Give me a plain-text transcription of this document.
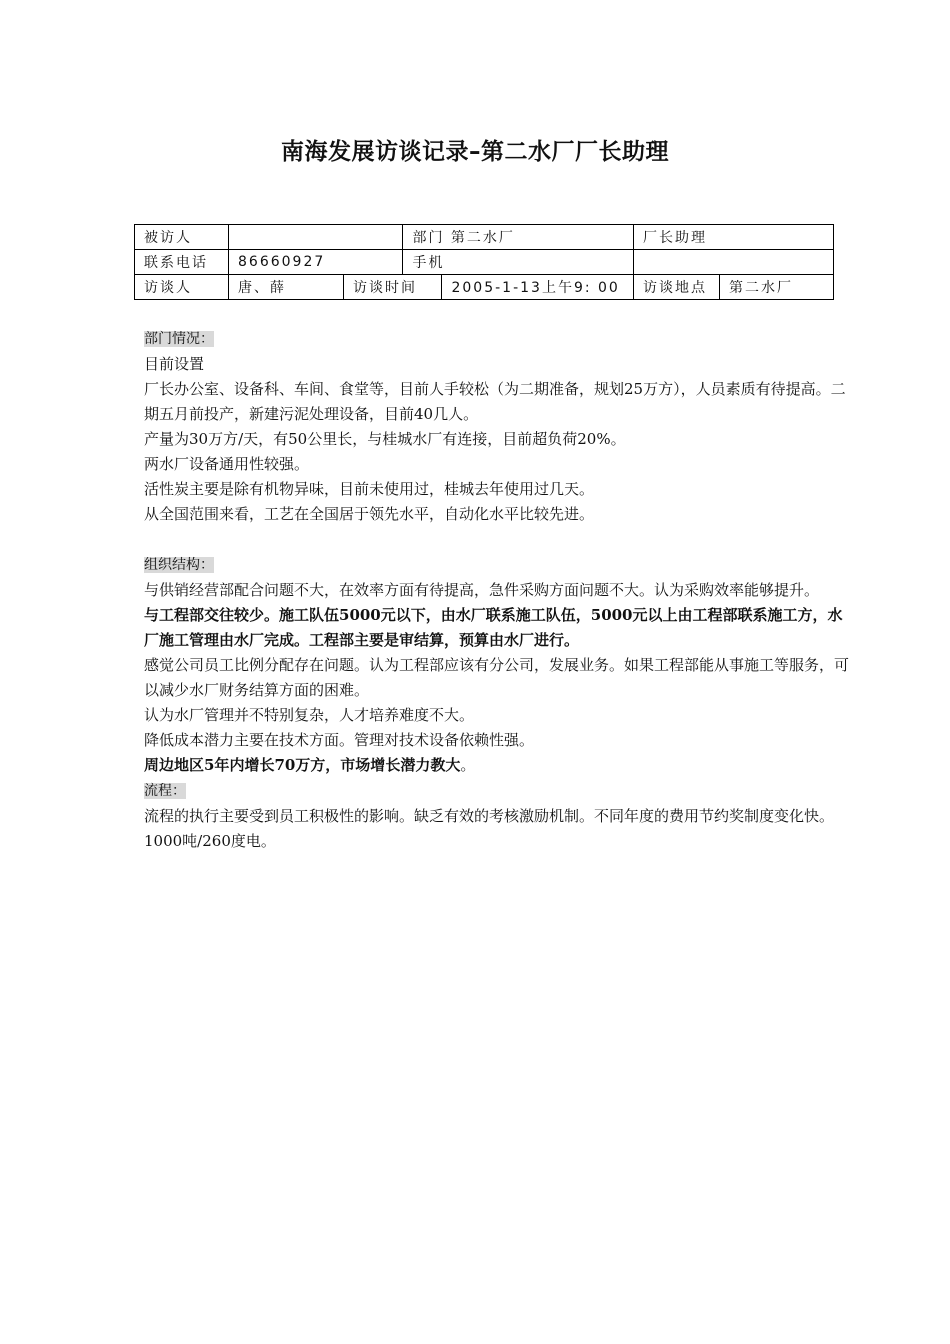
南海发展访谈记录–第二水厂厂长助理
被访人			部门 第二水厂		厂长助理	
联系电话	86660927		手机			
访谈人	唐、薛	访谈时间		2005-1-13上午9: 00	访谈地点	第二水厂

部门情况：

目前设置

厂长办公室、设备科、车间、食堂等，目前人手较松（为二期准备，规划25万方），人员素质有待提高。二期五月前投产，新建污泥处理设备，目前40几人。

产量为30万方/天，有50公里长，与桂城水厂有连接，目前超负荷20%。

两水厂设备通用性较强。

活性炭主要是除有机物异味，目前未使用过，桂城去年使用过几天。

从全国范围来看，工艺在全国居于领先水平，自动化水平比较先进。

组织结构：

与供销经营部配合问题不大，在效率方面有待提高，急件采购方面问题不大。认为采购效率能够提升。

与工程部交往较少。施工队伍5000元以下，由水厂联系施工队伍，5000元以上由工程部联系施工方，水厂施工管理由水厂完成。工程部主要是审结算，预算由水厂进行。

感觉公司员工比例分配存在问题。认为工程部应该有分公司，发展业务。如果工程部能从事施工等服务，可以减少水厂财务结算方面的困难。

认为水厂管理并不特别复杂，人才培养难度不大。

降低成本潜力主要在技术方面。管理对技术设备依赖性强。

周边地区5年内增长70万方，市场增长潜力教大。

流程：

流程的执行主要受到员工积极性的影响。缺乏有效的考核激励机制。不同年度的费用节约奖制度变化快。1000吨/260度电。
